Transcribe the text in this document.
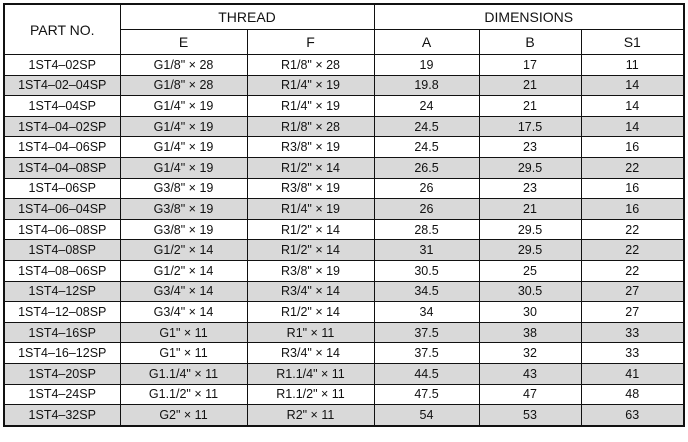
PART NO.	THREAD		DIMENSIONS		
	E	F	A	B	S1
1ST4–02SP	G1/8" × 28	R1/8" × 28	19	17	11
1ST4–02–04SP	G1/8" × 28	R1/4" × 19	19.8	21	14
1ST4–04SP	G1/4" × 19	R1/4" × 19	24	21	14
1ST4–04–02SP	G1/4" × 19	R1/8" × 28	24.5	17.5	14
1ST4–04–06SP	G1/4" × 19	R3/8" × 19	24.5	23	16
1ST4–04–08SP	G1/4" × 19	R1/2" × 14	26.5	29.5	22
1ST4–06SP	G3/8" × 19	R3/8" × 19	26	23	16
1ST4–06–04SP	G3/8" × 19	R1/4" × 19	26	21	16
1ST4–06–08SP	G3/8" × 19	R1/2" × 14	28.5	29.5	22
1ST4–08SP	G1/2" × 14	R1/2" × 14	31	29.5	22
1ST4–08–06SP	G1/2" × 14	R3/8" × 19	30.5	25	22
1ST4–12SP	G3/4" × 14	R3/4" × 14	34.5	30.5	27
1ST4–12–08SP	G3/4" × 14	R1/2" × 14	34	30	27
1ST4–16SP	G1" × 11	R1" × 11	37.5	38	33
1ST4–16–12SP	G1" × 11	R3/4" × 14	37.5	32	33
1ST4–20SP	G1.1/4" × 11	R1.1/4" × 11	44.5	43	41
1ST4–24SP	G1.1/2" × 11	R1.1/2" × 11	47.5	47	48
1ST4–32SP	G2" × 11	R2" × 11	54	53	63
